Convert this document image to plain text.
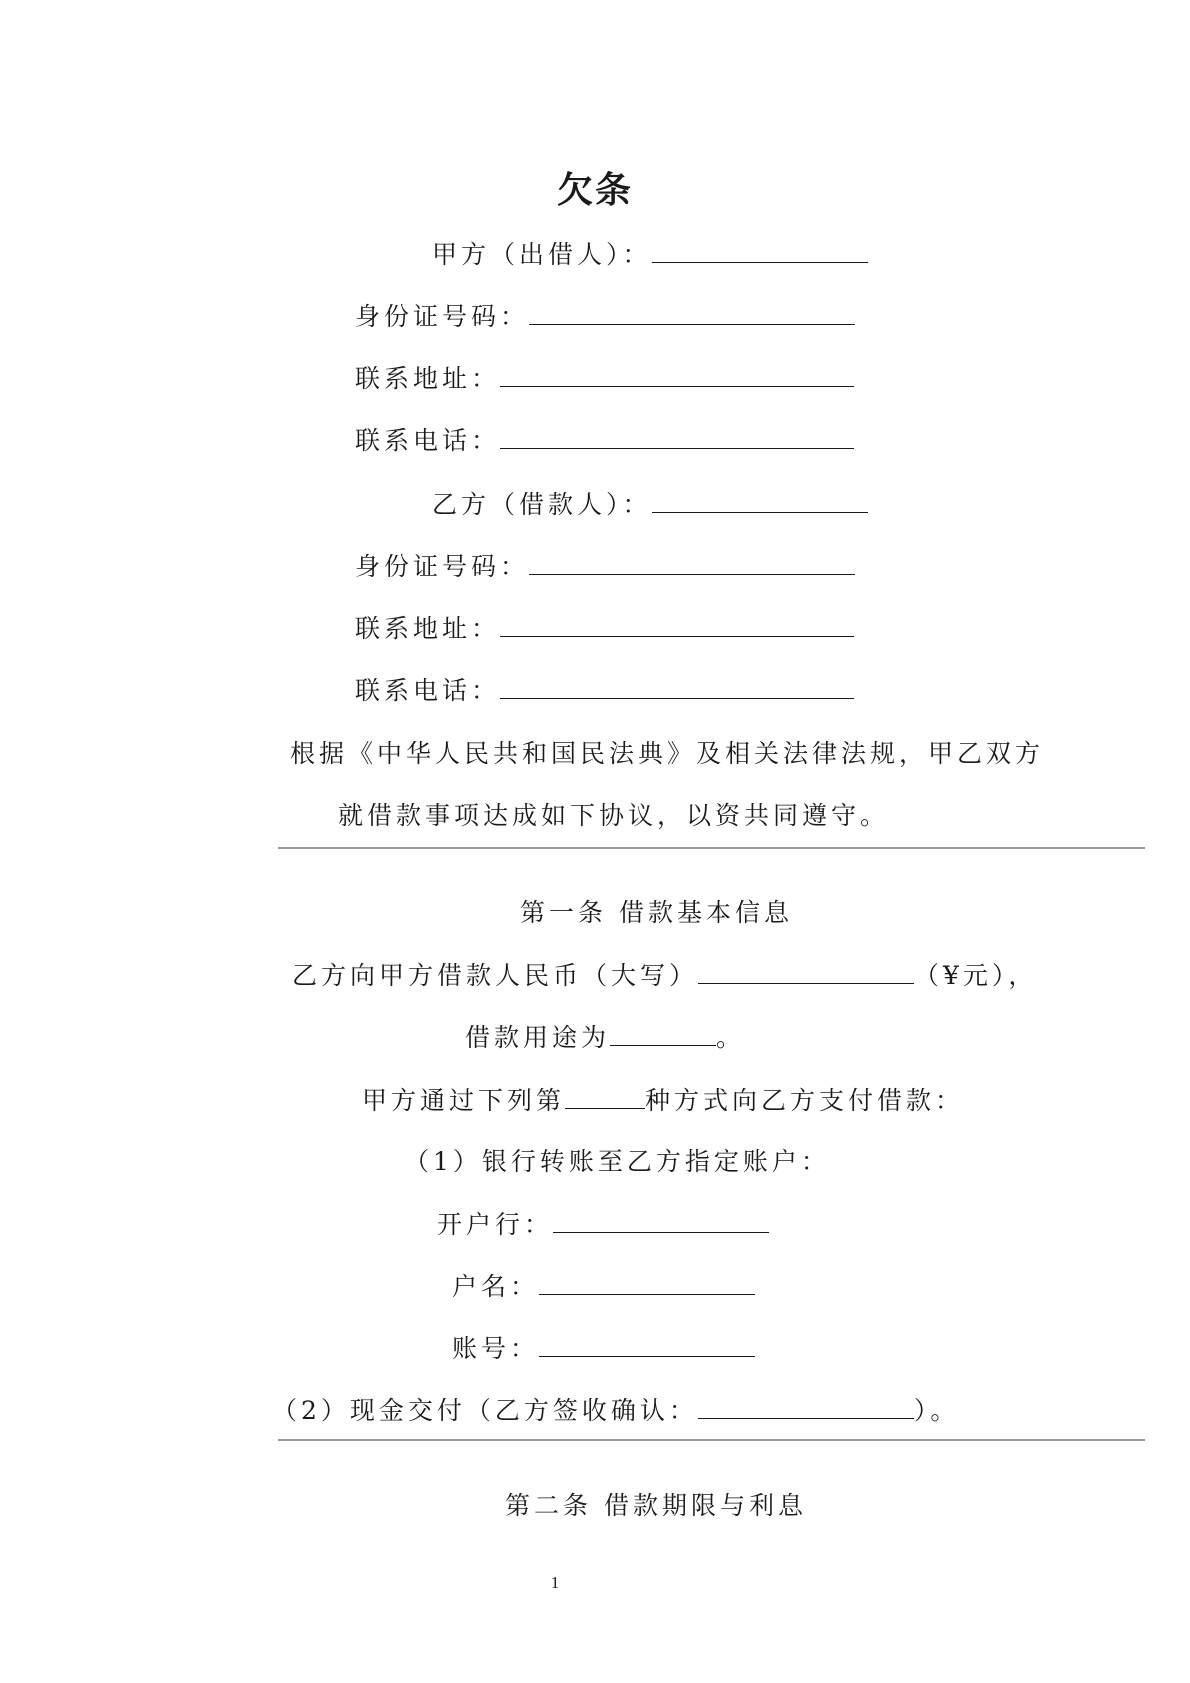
欠条
甲方（出借人）：
身份证号码：
联系地址：
联系电话：
乙方（借款人）：
身份证号码：
联系地址：
联系电话：
根据《中华人民共和国民法典》及相关法律法规，甲乙双方
就借款事项达成如下协议，以资共同遵守。
第一条 借款基本信息
乙方向甲方借款人民币（大写）	（¥元），
借款用途为	。
甲方通过下列第	种方式向乙方支付借款：
（1）银行转账至乙方指定账户：
开户行：
户名：
账号：
（2）现金交付（乙方签收确认：	）。
第二条 借款期限与利息
1
